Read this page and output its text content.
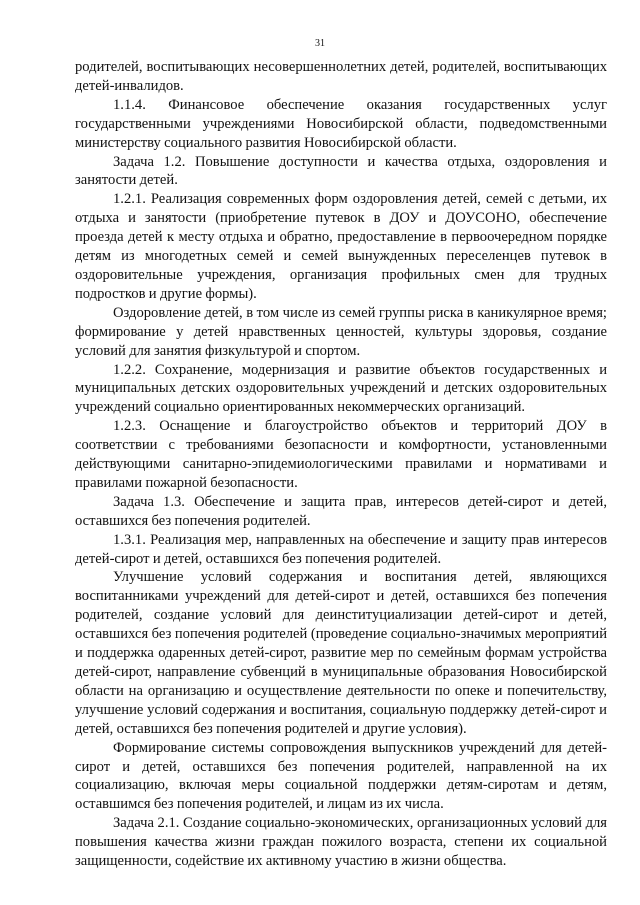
31

родителей, воспитывающих несовершеннолетних детей, родителей, воспитывающих детей-инвалидов.

1.1.4. Финансовое обеспечение оказания государственных услуг государственными учреждениями Новосибирской области, подведомственными министерству социального развития Новосибирской области.

Задача 1.2. Повышение доступности и качества отдыха, оздоровления и занятости детей.

1.2.1. Реализация современных форм оздоровления детей, семей с детьми, их отдыха и занятости (приобретение путевок в ДОУ и ДОУСОНО, обеспечение проезда детей к месту отдыха и обратно, предоставление в первоочередном порядке детям из многодетных семей и семей вынужденных переселенцев путевок в оздоровительные учреждения, организация профильных смен для трудных подростков и другие формы).

Оздоровление детей, в том числе из семей группы риска в каникулярное время; формирование у детей нравственных ценностей, культуры здоровья, создание условий для занятия физкультурой и спортом.

1.2.2. Сохранение, модернизация и развитие объектов государственных и муниципальных детских оздоровительных учреждений и детских оздоровительных учреждений социально ориентированных некоммерческих организаций.

1.2.3. Оснащение и благоустройство объектов и территорий ДОУ в соответствии с требованиями безопасности и комфортности, установленными действующими санитарно-эпидемиологическими правилами и нормативами и правилами пожарной безопасности.

Задача 1.3. Обеспечение и защита прав, интересов детей-сирот и детей, оставшихся без попечения родителей.

1.3.1. Реализация мер, направленных на обеспечение и защиту прав интересов детей-сирот и детей, оставшихся без попечения родителей.

Улучшение условий содержания и воспитания детей, являющихся воспитанниками учреждений для детей-сирот и детей, оставшихся без попечения родителей, создание условий для деинституциализации детей-сирот и детей, оставшихся без попечения родителей (проведение социально-значимых мероприятий и поддержка одаренных детей-сирот, развитие мер по семейным формам устройства детей-сирот, направление субвенций в муниципальные образования Новосибирской области на организацию и осуществление деятельности по опеке и попечительству, улучшение условий содержания и воспитания, социальную поддержку детей-сирот и детей, оставшихся без попечения родителей и другие условия).

Формирование системы сопровождения выпускников учреждений для детей-сирот и детей, оставшихся без попечения родителей, направленной на их социализацию, включая меры социальной поддержки детям-сиротам и детям, оставшимся без попечения родителей, и лицам из их числа.

Задача 2.1. Создание социально-экономических, организационных условий для повышения качества жизни граждан пожилого возраста, степени их социальной защищенности, содействие их активному участию в жизни общества.
